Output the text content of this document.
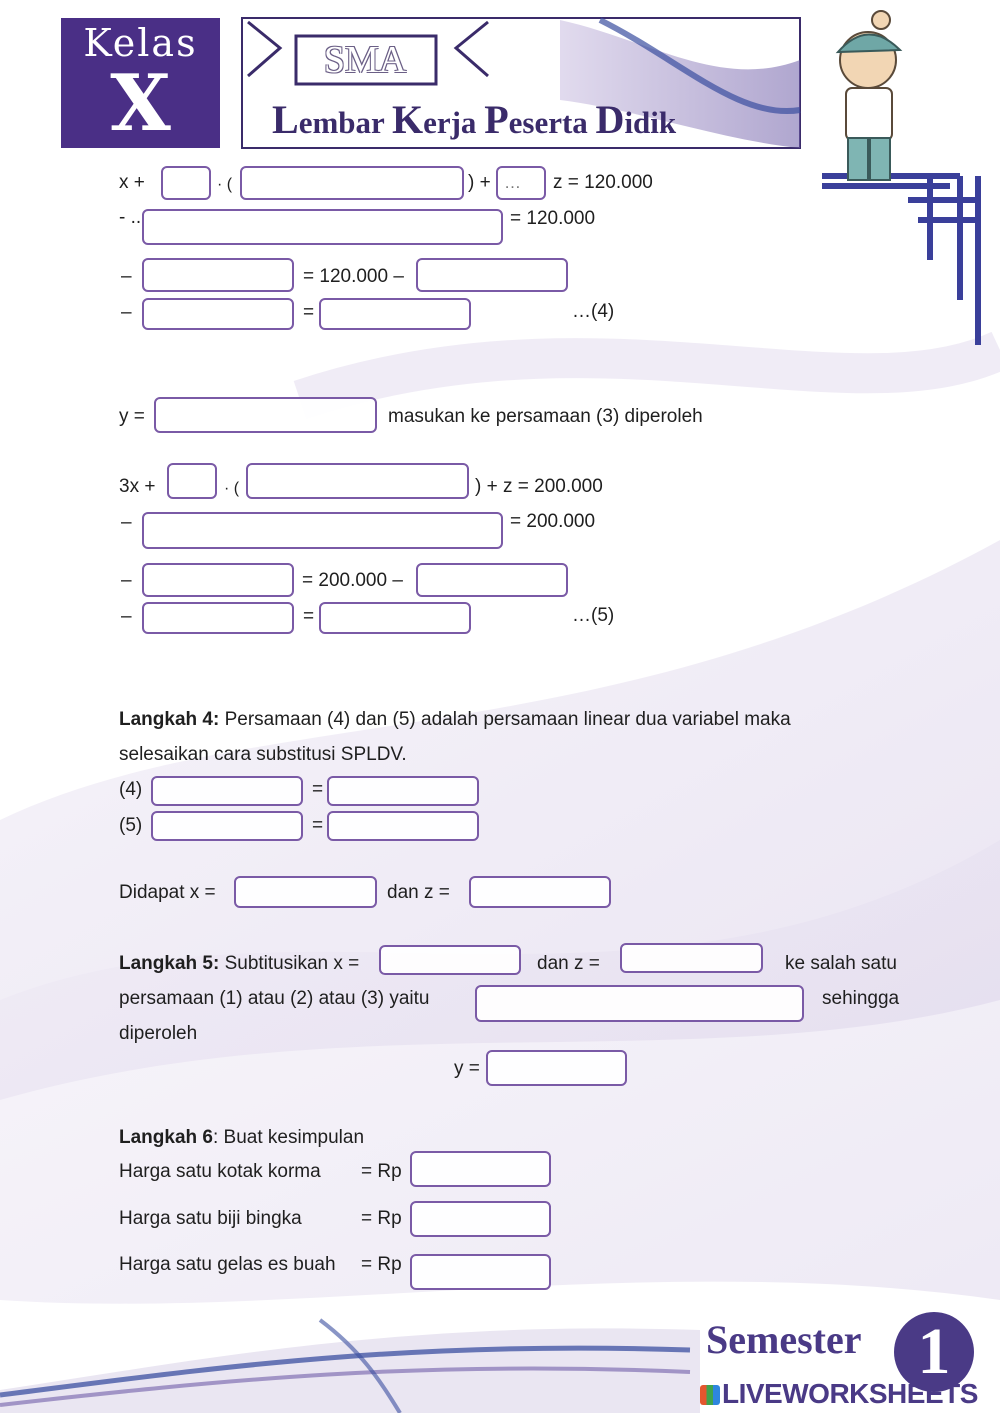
Kelas
X	SMA
Lembar Kerja Peserta Didik
x +	· (	) +
…	z = 120.000
- ..	= 120.000
–	= 120.000 –
–	=	…(4)
y =	masukan ke persamaan (3) diperoleh
3x +	· (	) + z = 200.000
–	= 200.000
–	= 200.000 –
–	=	…(5)
Langkah 4: Persamaan (4) dan (5) adalah persamaan linear dua variabel maka
selesaikan cara substitusi SPLDV.
(4)	=
(5)	=
Didapat x =	dan z =
Langkah 5: Subtitusikan x =	dan z =	ke salah satu
persamaan (1) atau (2) atau (3) yaitu	sehingga
diperoleh
y =
Langkah 6: Buat kesimpulan
Harga satu kotak korma = Rp
Harga satu biji bingka	= Rp
Harga satu gelas es buah = Rp
Semester 1
LIVEWORKSHEETS
